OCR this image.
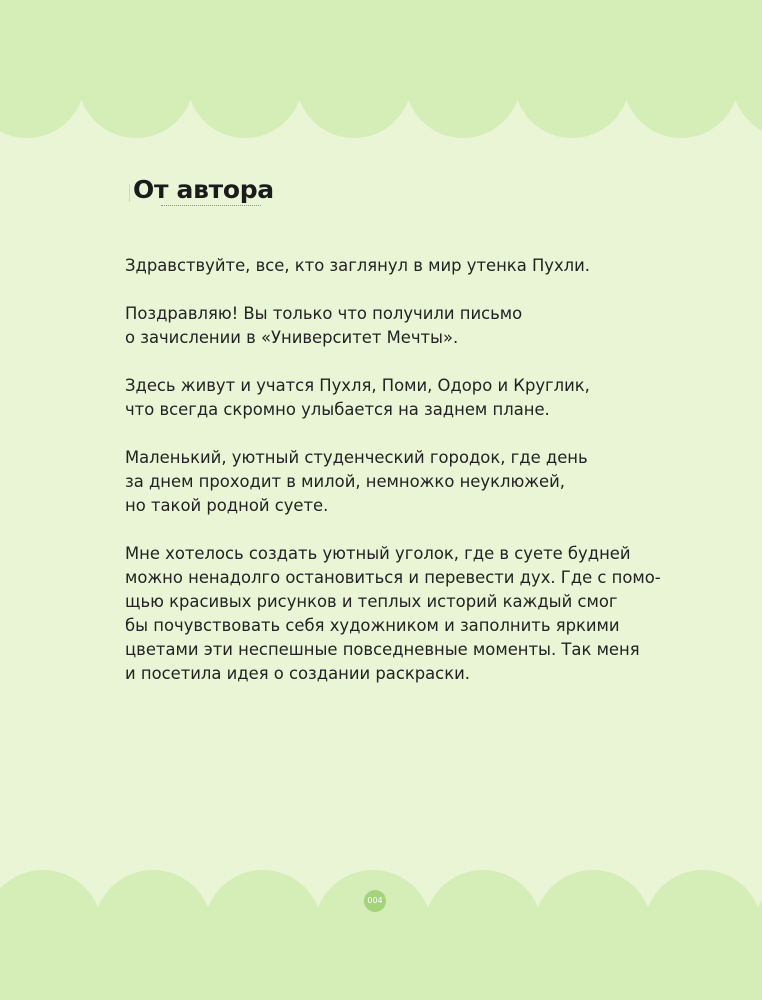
От автора

Здравствуйте, все, кто заглянул в мир утенка Пухли.

Поздравляю! Вы только что получили письмо
о зачислении в «Университет Мечты».

Здесь живут и учатся Пухля, Поми, Одоро и Круглик,
что всегда скромно улыбается на заднем плане.

Маленький, уютный студенческий городок, где день
за днем проходит в милой, немножко неуклюжей,
но такой родной суете.

Мне хотелось создать уютный уголок, где в суете будней
можно ненадолго остановиться и перевести дух. Где с помо-
щью красивых рисунков и теплых историй каждый смог
бы почувствовать себя художником и заполнить яркими
цветами эти неспешные повседневные моменты. Так меня
и посетила идея о создании раскраски.

004
